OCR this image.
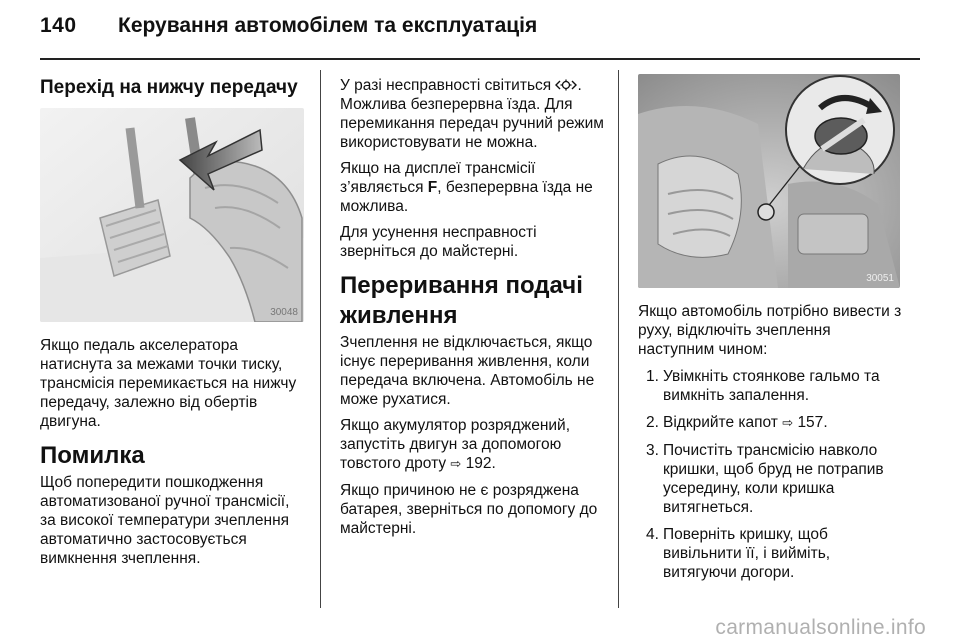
140 Керування автомобілем та експлуатація
Перехід на нижчу передачу
30048

Якщо педаль акселератора натиснута за межами точки тиску, трансмісія перемикається на нижчу передачу, залежно від обертів двигуна.

Помилка

Щоб попередити пошкодження автоматизованої ручної трансмісії, за високої температури зчеплення автоматично застосовується вимкнення зчеплення.

У разі несправності світиться . Можлива безперервна їзда. Для перемикання передач ручний режим використовувати не можна.

Якщо на дисплеї трансмісії з’являється F, безперервна їзда не можлива.

Для усунення несправності зверніться до майстерні.

Переривання подачі живлення

Зчеплення не відключається, якщо існує переривання живлення, коли передача включена. Автомобіль не може рухатися.

Якщо акумулятор розряджений, запустіть двигун за допомогою товстого дроту ⇨ 192.

Якщо причиною не є розряджена батарея, зверніться по допомогу до майстерні.

30051

Якщо автомобіль потрібно вивести з руху, відключіть зчеплення наступним чином:

1. Увімкніть стоянкове гальмо та вимкніть запалення.
2. Відкрийте капот ⇨ 157.
3. Почистіть трансмісію навколо кришки, щоб бруд не потрапив усередину, коли кришка витягнеться.
4. Поверніть кришку, щоб вивільнити її, і вийміть, витягуючи догори.
carmanualsonline.info
